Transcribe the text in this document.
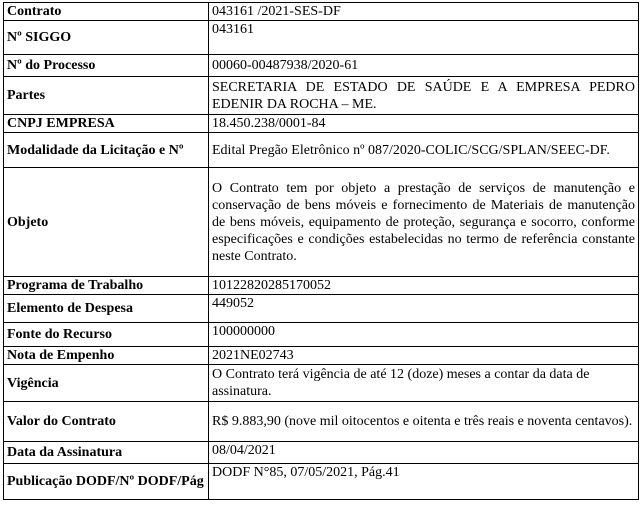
Contrato	043161 /2021-SES-DF
Nº SIGGO	043161
Nº do Processo	00060-00487938/2020-61
Partes	SECRETARIA DE ESTADO DE SAÚDE E A EMPRESA PEDRO EDENIR DA ROCHA – ME.
CNPJ EMPRESA	18.450.238/0001-84
Modalidade da Licitação e Nº	Edital Pregão Eletrônico nº 087/2020-COLIC/SCG/SPLAN/SEEC-DF.
Objeto	O Contrato tem por objeto a prestação de serviços de manutenção e conservação de bens móveis e fornecimento de Materiais de manutenção de bens móveis, equipamento de proteção, segurança e socorro, conforme especificações e condições estabelecidas no termo de referência constante neste Contrato.
Programa de Trabalho	10122820285170052
Elemento de Despesa	449052
Fonte do Recurso	100000000
Nota de Empenho	2021NE02743
Vigência	O Contrato terá vigência de até 12 (doze) meses a contar da data de assinatura.
Valor do Contrato	R$ 9.883,90 (nove mil oitocentos e oitenta e três reais e noventa centavos).
Data da Assinatura	08/04/2021
Publicação DODF/Nº DODF/Pág	DODF N°85, 07/05/2021, Pág.41
